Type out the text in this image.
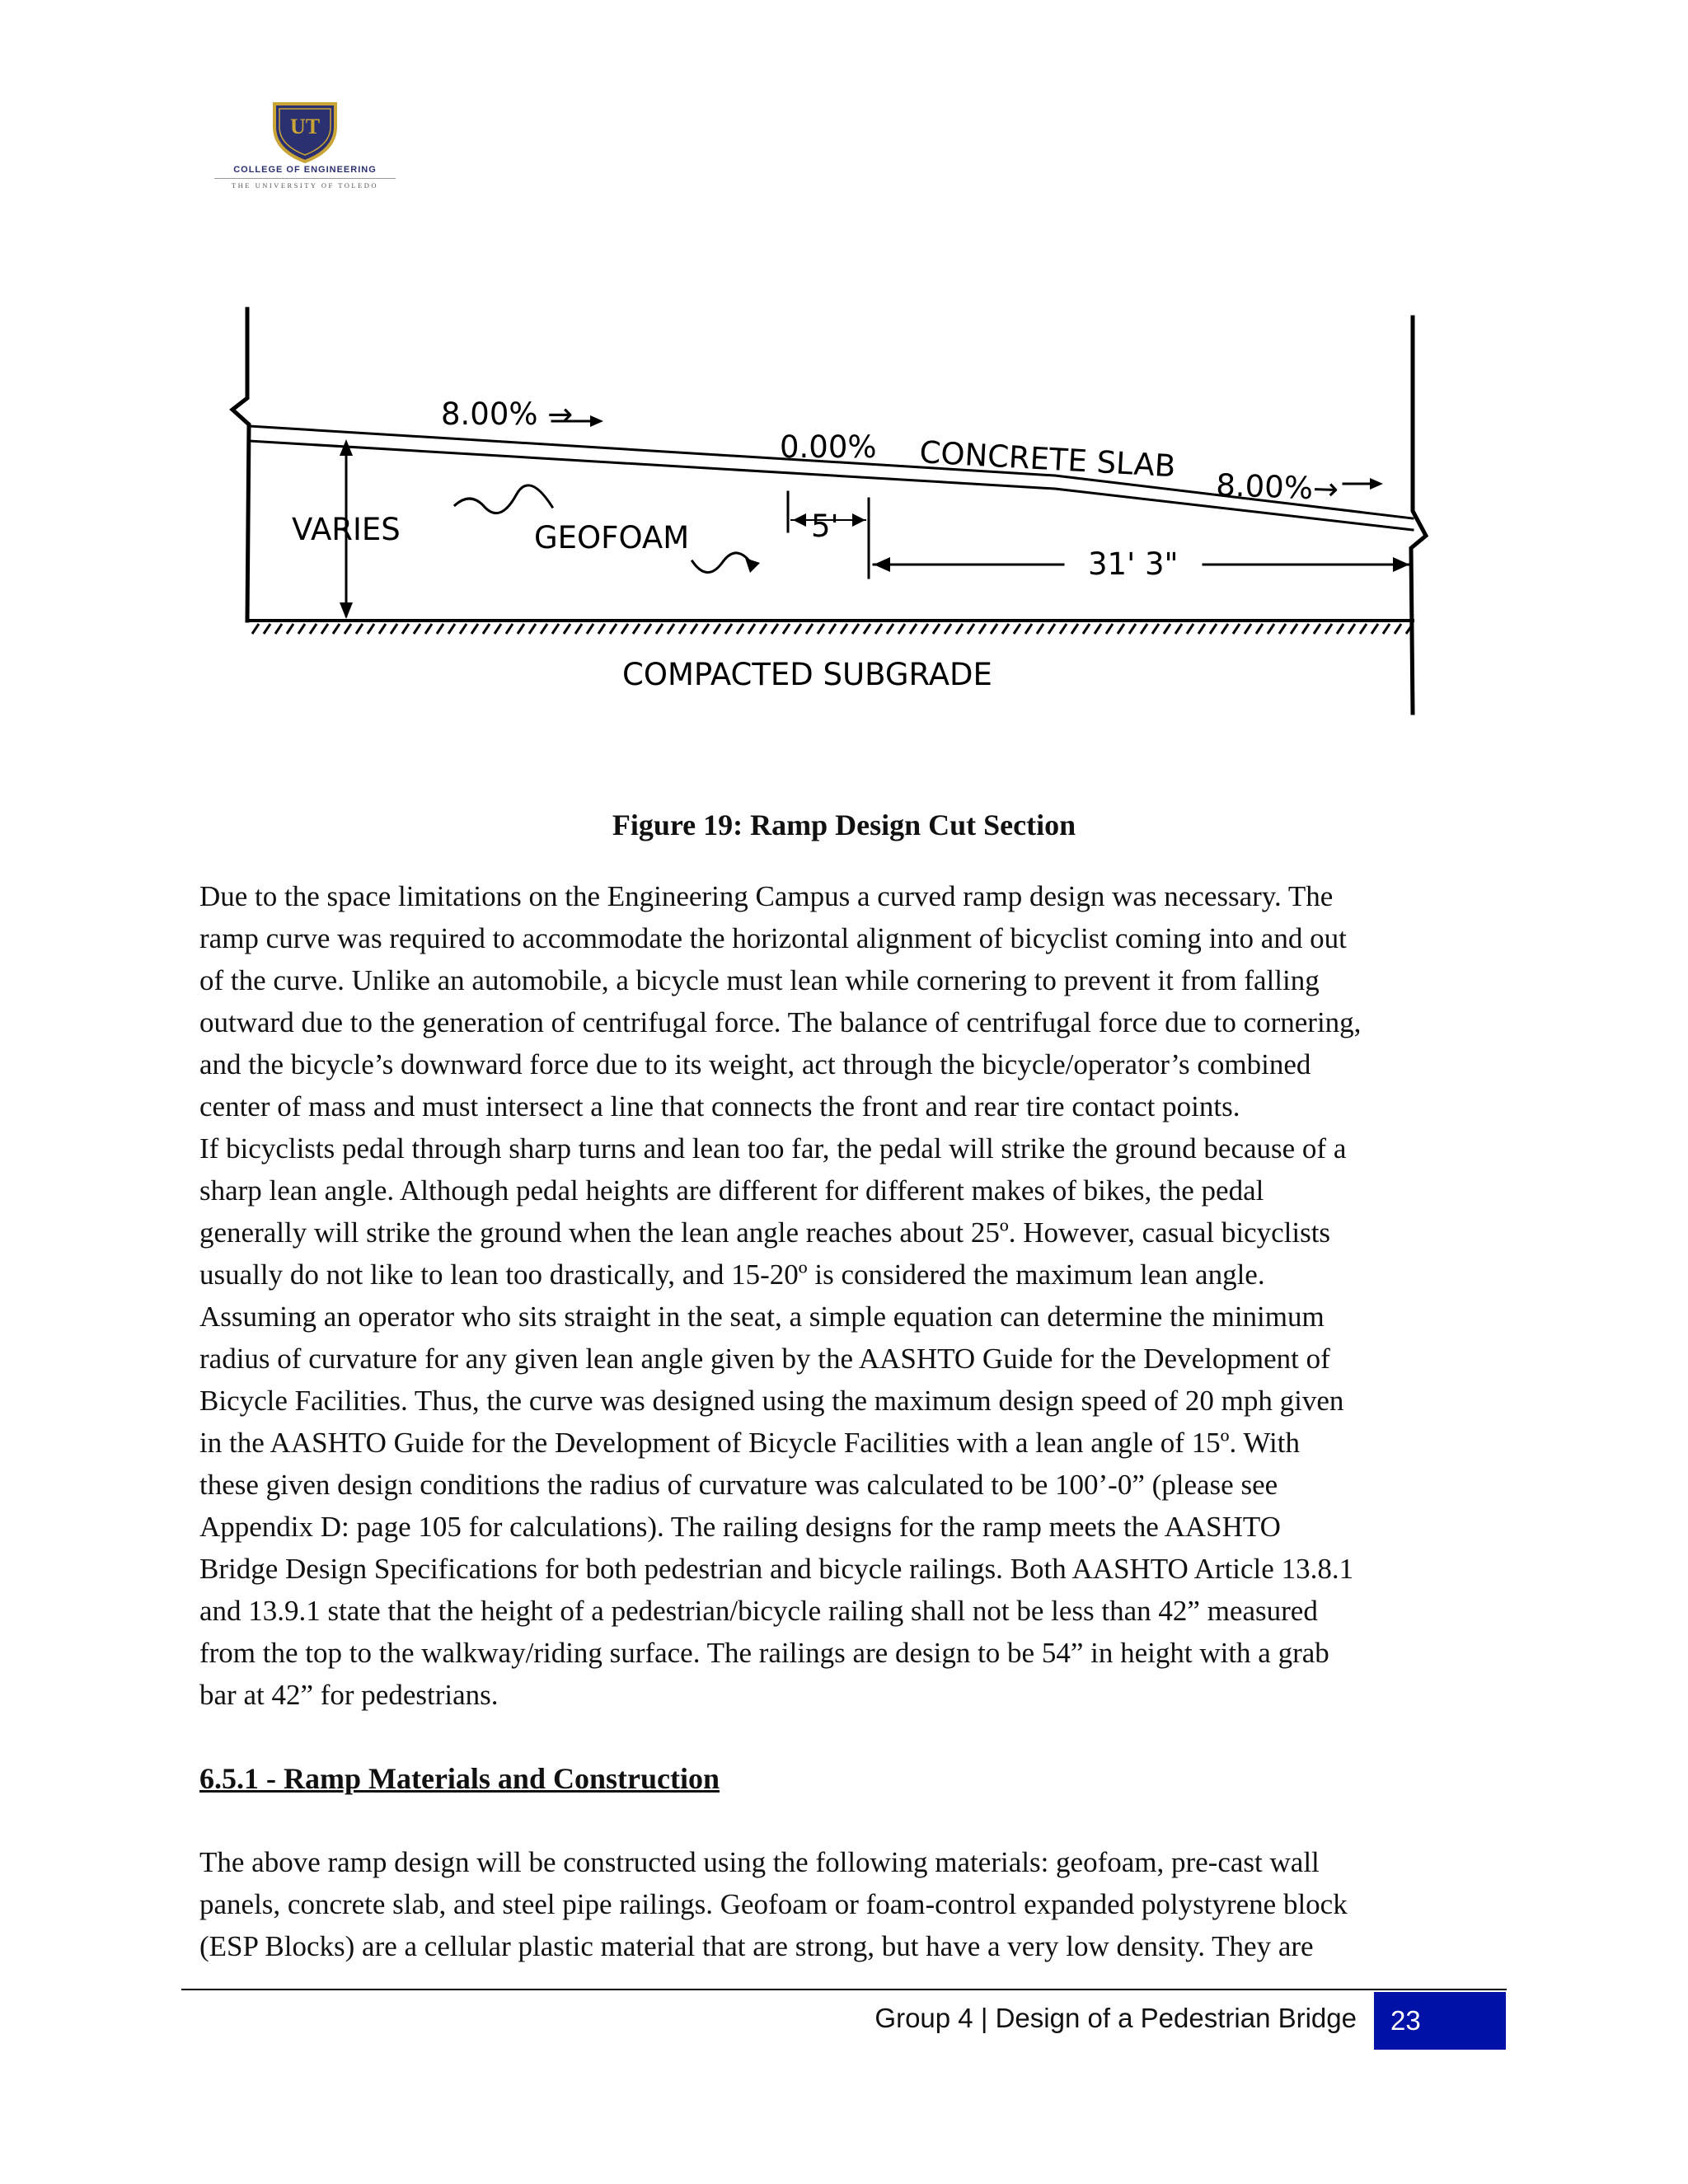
UT
COLLEGE OF ENGINEERING
THE UNIVERSITY OF TOLEDO
8.00% →
0.00% CONCRETE SLAB
8.00%→
VARIES	GEOFOAM	5'
31' 3"
COMPACTED SUBGRADE
Figure 19: Ramp Design Cut Section

Due to the space limitations on the Engineering Campus a curved ramp design was necessary. The
ramp curve was required to accommodate the horizontal alignment of bicyclist coming into and out
of the curve. Unlike an automobile, a bicycle must lean while cornering to prevent it from falling
outward due to the generation of centrifugal force. The balance of centrifugal force due to cornering,
and the bicycle’s downward force due to its weight, act through the bicycle/operator’s combined
center of mass and must intersect a line that connects the front and rear tire contact points.
If bicyclists pedal through sharp turns and lean too far, the pedal will strike the ground because of a
sharp lean angle. Although pedal heights are different for different makes of bikes, the pedal
generally will strike the ground when the lean angle reaches about 25º. However, casual bicyclists
usually do not like to lean too drastically, and 15-20º is considered the maximum lean angle.
Assuming an operator who sits straight in the seat, a simple equation can determine the minimum
radius of curvature for any given lean angle given by the AASHTO Guide for the Development of
Bicycle Facilities. Thus, the curve was designed using the maximum design speed of 20 mph given
in the AASHTO Guide for the Development of Bicycle Facilities with a lean angle of 15º. With
these given design conditions the radius of curvature was calculated to be 100’-0” (please see
Appendix D: page 105 for calculations). The railing designs for the ramp meets the AASHTO
Bridge Design Specifications for both pedestrian and bicycle railings. Both AASHTO Article 13.8.1
and 13.9.1 state that the height of a pedestrian/bicycle railing shall not be less than 42” measured
from the top to the walkway/riding surface. The railings are design to be 54” in height with a grab
bar at 42” for pedestrians.

6.5.1 - Ramp Materials and Construction

The above ramp design will be constructed using the following materials: geofoam, pre-cast wall
panels, concrete slab, and steel pipe railings. Geofoam or foam-control expanded polystyrene block
(ESP Blocks) are a cellular plastic material that are strong, but have a very low density. They are

Group 4 | Design of a Pedestrian Bridge	23
